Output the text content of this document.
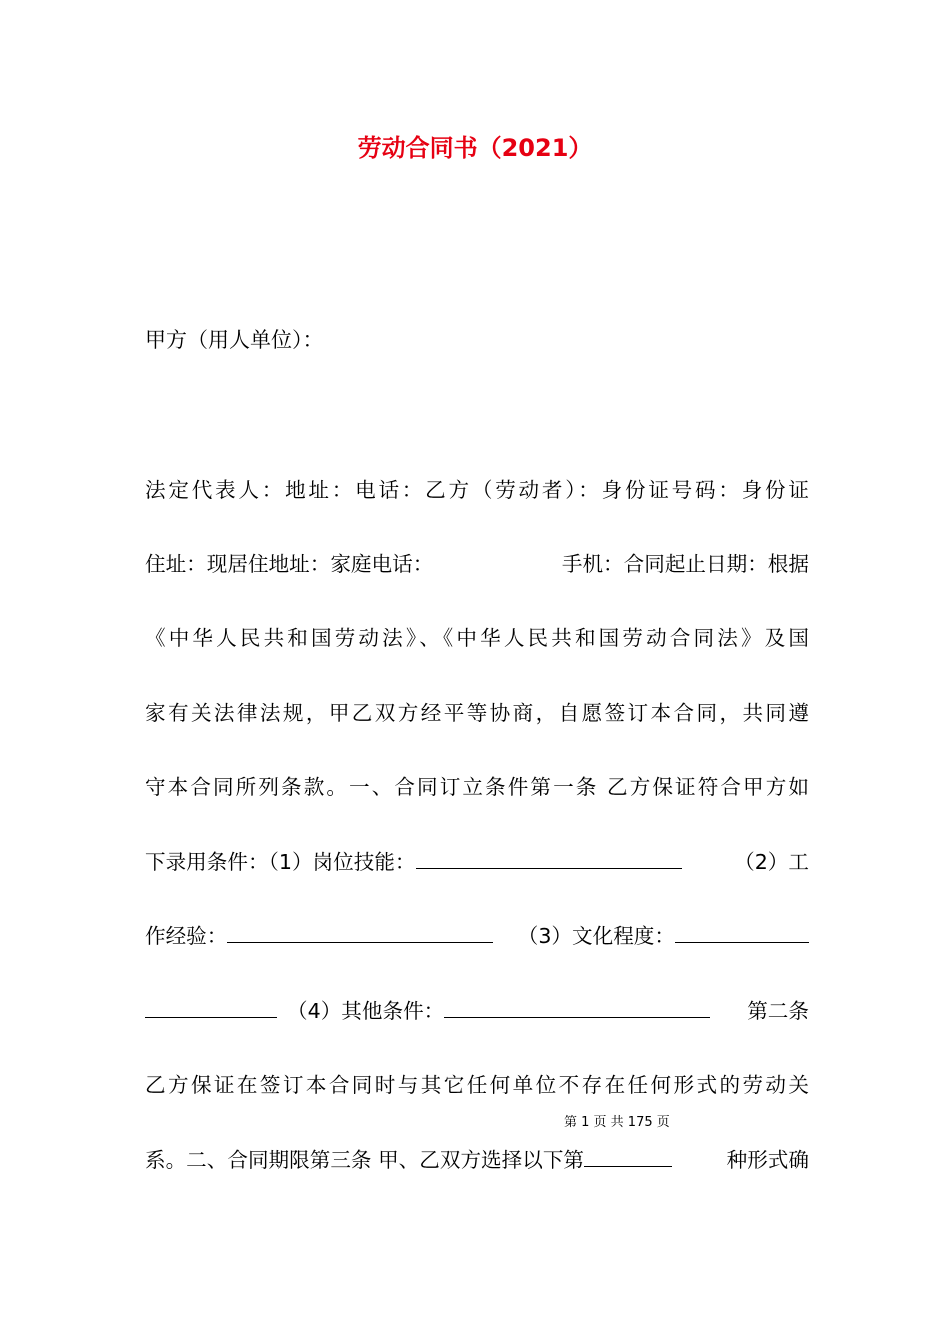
劳动合同书（2021）
甲方（用人单位）：
法定代表人：地址：电话：乙方（劳动者）：身份证号码：身份证
住址：现居住地址：家庭电话：	手机：合同起止日期：根据
《中华人民共和国劳动法》、《中华人民共和国劳动合同法》及国
家有关法律法规，甲乙双方经平等协商，自愿签订本合同，共同遵
守本合同所列条款。一、合同订立条件第一条 乙方保证符合甲方如
下录用条件：（1）岗位技能：	（2）工
作经验：	（3）文化程度：
（4）其他条件：	第二条
乙方保证在签订本合同时与其它任何单位不存在任何形式的劳动关
系。二、合同期限第三条 甲、乙双方选择以下第	种形式确
第 1 页 共 175 页
